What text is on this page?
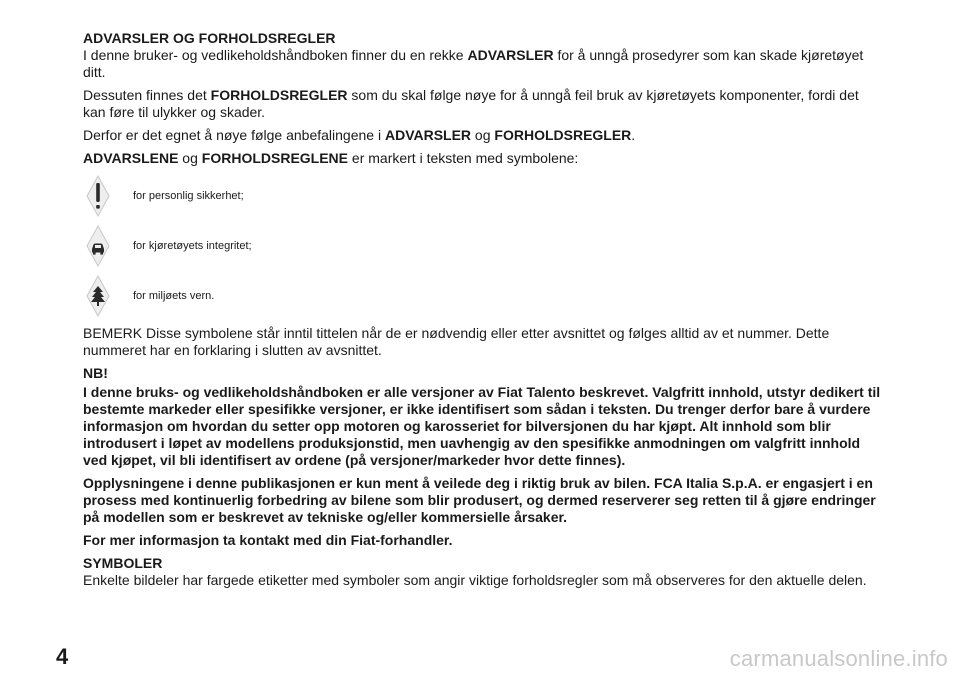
ADVARSLER OG FORHOLDSREGLER

I denne bruker- og vedlikeholdshåndboken finner du en rekke ADVARSLER for å unngå prosedyrer som kan skade kjøretøyet ditt.

Dessuten finnes det FORHOLDSREGLER som du skal følge nøye for å unngå feil bruk av kjøretøyets komponenter, fordi det kan føre til ulykker og skader.

Derfor er det egnet å nøye følge anbefalingene i ADVARSLER og FORHOLDSREGLER.

ADVARSLENE og FORHOLDSREGLENE er markert i teksten med symbolene:

for personlig sikkerhet;
for kjøretøyets integritet;
for miljøets vern.

BEMERK Disse symbolene står inntil tittelen når de er nødvendig eller etter avsnittet og følges alltid av et nummer. Dette nummeret har en forklaring i slutten av avsnittet.

NB!

I denne bruks- og vedlikeholdshåndboken er alle versjoner av Fiat Talento beskrevet. Valgfritt innhold, utstyr dedikert til bestemte markeder eller spesifikke versjoner, er ikke identifisert som sådan i teksten. Du trenger derfor bare å vurdere informasjon om hvordan du setter opp motoren og karosseriet for bilversjonen du har kjøpt. Alt innhold som blir introdusert i løpet av modellens produksjonstid, men uavhengig av den spesifikke anmodningen om valgfritt innhold ved kjøpet, vil bli identifisert av ordene (på versjoner/markeder hvor dette finnes).

Opplysningene i denne publikasjonen er kun ment å veilede deg i riktig bruk av bilen. FCA Italia S.p.A. er engasjert i en prosess med kontinuerlig forbedring av bilene som blir produsert, og dermed reserverer seg retten til å gjøre endringer på modellen som er beskrevet av tekniske og/eller kommersielle årsaker.

For mer informasjon ta kontakt med din Fiat-forhandler.

SYMBOLER

Enkelte bildeler har fargede etiketter med symboler som angir viktige forholdsregler som må observeres for den aktuelle delen.

4	carmanualsonline.info
